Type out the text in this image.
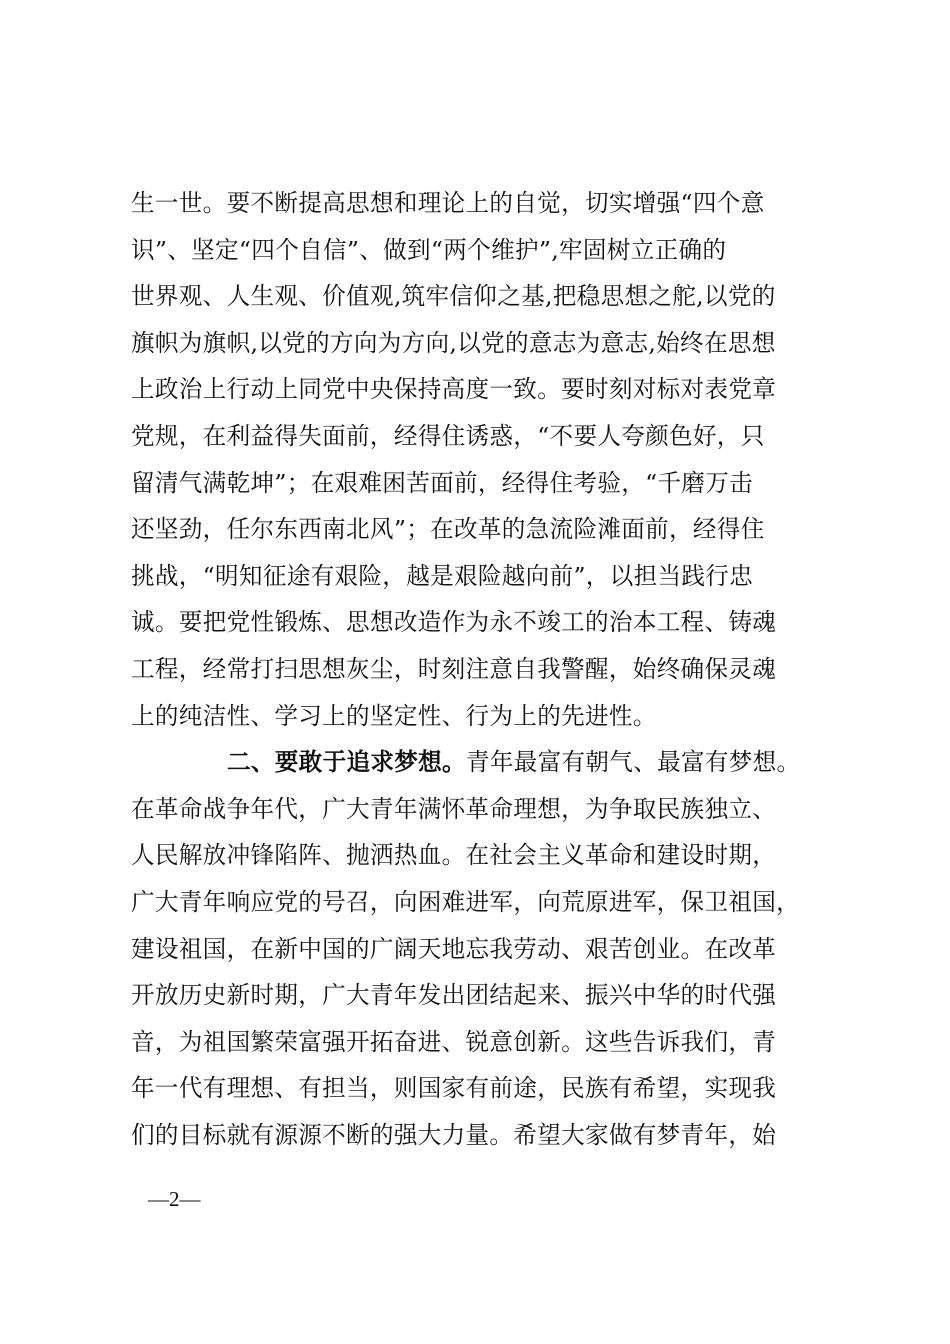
生一世。要不断提高思想和理论上的自觉，切实增强“四个意
识”、坚定“四个自信”、做到“两个维护”,牢固树立正确的
世界观、人生观、价值观,筑牢信仰之基,把稳思想之舵,以党的
旗帜为旗帜,以党的方向为方向,以党的意志为意志,始终在思想
上政治上行动上同党中央保持高度一致。要时刻对标对表党章
党规，在利益得失面前，经得住诱惑，“不要人夸颜色好，只
留清气满乾坤”；在艰难困苦面前，经得住考验，“千磨万击
还坚劲，任尔东西南北风”；在改革的急流险滩面前，经得住
挑战，“明知征途有艰险，越是艰险越向前”，以担当践行忠
诚。要把党性锻炼、思想改造作为永不竣工的治本工程、铸魂
工程，经常打扫思想灰尘，时刻注意自我警醒，始终确保灵魂
上的纯洁性、学习上的坚定性、行为上的先进性。
二、要敢于追求梦想。青年最富有朝气、最富有梦想。
在革命战争年代，广大青年满怀革命理想，为争取民族独立、
人民解放冲锋陷阵、抛洒热血。在社会主义革命和建设时期，
广大青年响应党的号召，向困难进军，向荒原进军，保卫祖国，
建设祖国，在新中国的广阔天地忘我劳动、艰苦创业。在改革
开放历史新时期，广大青年发出团结起来、振兴中华的时代强
音，为祖国繁荣富强开拓奋进、锐意创新。这些告诉我们，青
年一代有理想、有担当，则国家有前途，民族有希望，实现我
们的目标就有源源不断的强大力量。希望大家做有梦青年，始
—2—
